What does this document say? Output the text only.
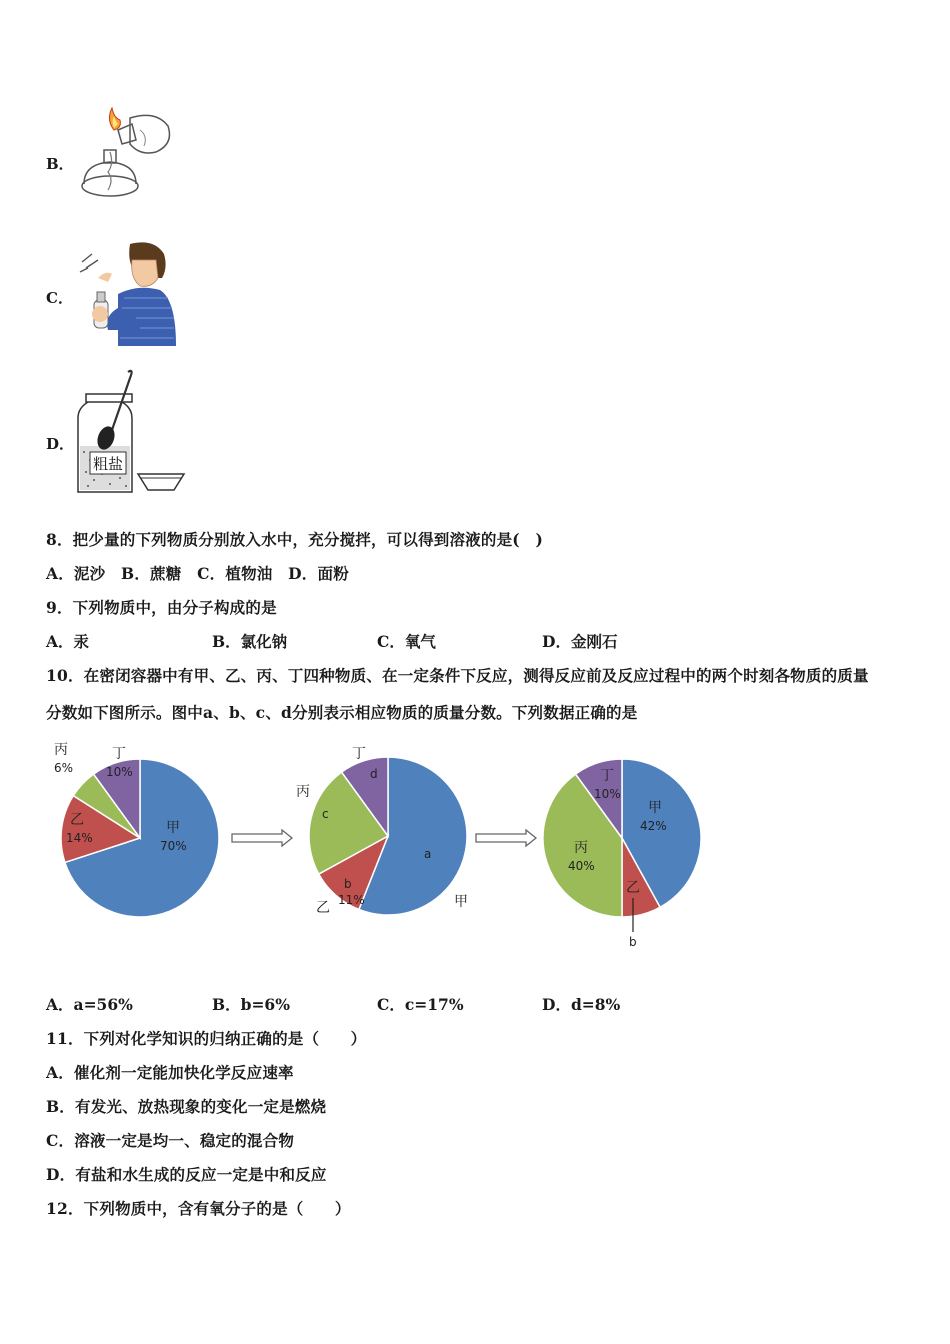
B．
C．
D．
粗盐
8．把少量的下列物质分别放入水中，充分搅拌，可以得到溶液的是(　)
A．泥沙　B．蔗糖　C．植物油　D．面粉
9．下列物质中，由分子构成的是
A．汞	B．氯化钠	C．氧气	D．金刚石
10．在密闭容器中有甲、乙、丙、丁四种物质、在一定条件下反应，测得反应前及反应过程中的两个时刻各物质的质量
分数如下图所示。图中a、b、c、d分别表示相应物质的质量分数。下列数据正确的是
丙
6%
丁
10%
乙
14%
甲
70%
丁
d
丙
c
a
b
11%
乙	甲
丁
10%
甲
42%
丙
40%
乙
b
A．a=56%	B．b=6%	C．c=17%	D．d=8%
11．下列对化学知识的归纳正确的是（　　）
A．催化剂一定能加快化学反应速率
B．有发光、放热现象的变化一定是燃烧
C．溶液一定是均一、稳定的混合物
D．有盐和水生成的反应一定是中和反应
12．下列物质中，含有氧分子的是（　　）
